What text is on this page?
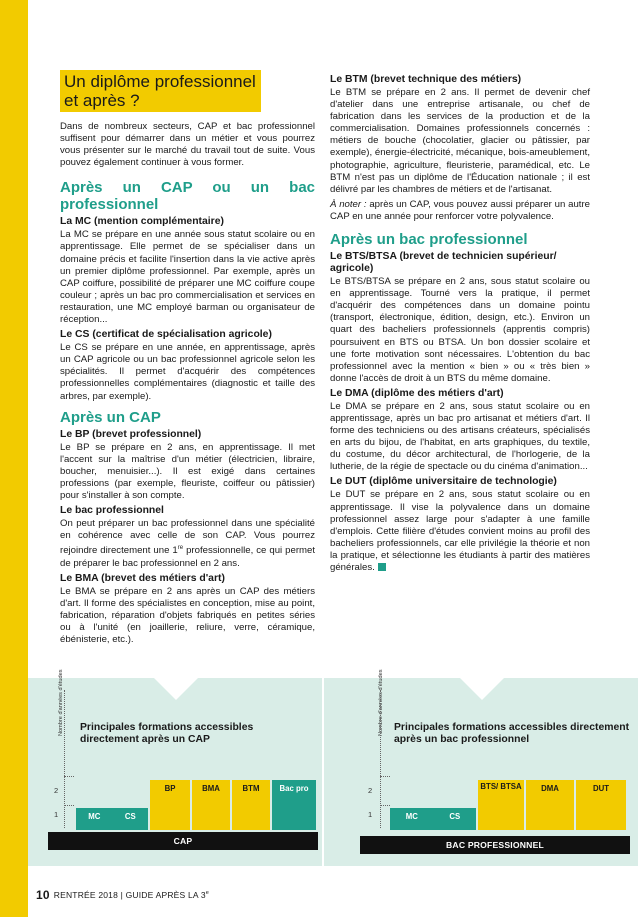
Un diplôme professionnel
et après ?

Dans de nombreux secteurs, CAP et bac professionnel suffisent pour démarrer dans un métier et vous pourrez vous présenter sur le marché du travail tout de suite. Vous pouvez également continuer à vous former.

Après un CAP ou un bac professionnel
La MC (mention complémentaire)

La MC se prépare en une année sous statut scolaire ou en apprentissage. Elle permet de se spécialiser dans un domaine précis et facilite l'insertion dans la vie active après un premier diplôme professionnel. Par exemple, après un CAP coiffure, possibilité de préparer une MC coiffure coupe couleur ; après un bac pro commercialisation et services en restauration, une MC employé barman ou organisateur de réception...

Le CS (certificat de spécialisation agricole)

Le CS se prépare en une année, en apprentissage, après un CAP agricole ou un bac professionnel agricole selon les spécialités. Il permet d'acquérir des compétences professionnelles complémentaires (diagnostic et taille des arbres, par exemple).

Après un CAP
Le BP (brevet professionnel)

Le BP se prépare en 2 ans, en apprentissage. Il met l'accent sur la maîtrise d'un métier (électricien, libraire, boucher, menuisier...). Il est exigé dans certaines professions (par exemple, fleuriste, coiffeur ou pâtissier) pour s'installer à son compte.

Le bac professionnel

On peut préparer un bac professionnel dans une spécialité en cohérence avec celle de son CAP. Vous pourrez rejoindre directement une 1re professionnelle, ce qui permet de préparer le bac professionnel en 2 ans.

Le BMA (brevet des métiers d'art)

Le BMA se prépare en 2 ans après un CAP des métiers d'art. Il forme des spécialistes en conception, mise au point, fabrication, réparation d'objets fabriqués en petites séries ou à l'unité (en joaillerie, reliure, verre, céramique, ébénisterie, etc.).

Le BTM (brevet technique des métiers)

Le BTM se prépare en 2 ans. Il permet de devenir chef d'atelier dans une entreprise artisanale, ou chef de fabrication dans les services de la production et de la commercialisation. Domaines professionnels concernés : métiers de bouche (chocolatier, glacier ou pâtissier, par exemple), énergie-électricité, mécanique, bois-ameublement, photographie, agriculture, fleuristerie, paramédical, etc. Le BTM n'est pas un diplôme de l'Éducation nationale ; il est délivré par les chambres de métiers et de l'artisanat.

À noter : après un CAP, vous pouvez aussi préparer un autre CAP en une année pour renforcer votre polyvalence.

Après un bac professionnel
Le BTS/BTSA (brevet de technicien supérieur/ agricole)

Le BTS/BTSA se prépare en 2 ans, sous statut scolaire ou en apprentissage. Tourné vers la pratique, il permet d'acquérir des compétences dans un domaine pointu (transport, électronique, édition, design, etc.). Environ un quart des bacheliers professionnels (apprentis compris) poursuivent en BTS ou BTSA. Un bon dossier scolaire et une forte motivation sont nécessaires. L'obtention du bac professionnel avec la mention « bien » ou « très bien » donne l'accès de droit à un BTS du même domaine.

Le DMA (diplôme des métiers d'art)

Le DMA se prépare en 2 ans, sous statut scolaire ou en apprentissage, après un bac pro artisanat et métiers d'art. Il forme des techniciens ou des artisans créateurs, spécialisés en arts du bijou, de l'habitat, en arts graphiques, du textile, du costume, du décor architectural, de l'horlogerie, de la lutherie, de la régie de spectacle ou du cinéma d'animation...

Le DUT (diplôme universitaire de technologie)

Le DUT se prépare en 2 ans, sous statut scolaire ou en apprentissage. Il vise la polyvalence dans un domaine professionnel assez large pour s'adapter à une famille d'emplois. Cette filière d'études convient moins au profil des bacheliers professionnels, car elle privilégie la théorie et non la pratique, et sélectionne les étudiants à partir des matières générales.

Nombre d'années d'études Principales formations accessibles directement après un CAP
2
1	MC	CS
BP	BMA	BTM	Bac pro
CAP
Nombre d'années d'études Principales formations accessibles directement après un bac professionnel
2
1	MC	CS
BTS/ BTSA	DMA	DUT
BAC PROFESSIONNEL
10 RENTRÉE 2018 | GUIDE APRÈS LA 3e
